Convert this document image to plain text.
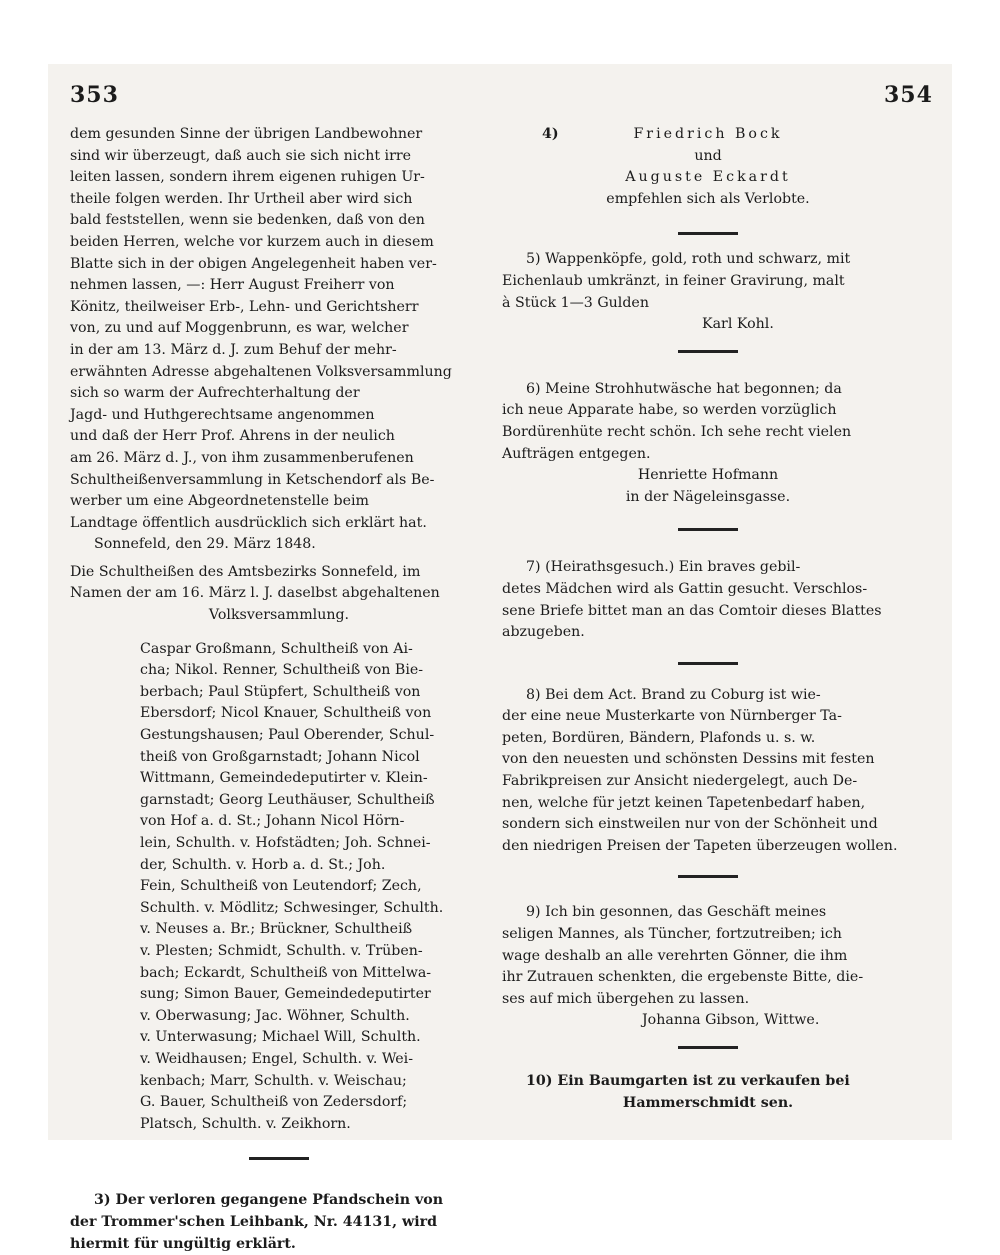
353	354

dem gesunden Sinne der übrigen Landbewohner

sind wir überzeugt, daß auch sie sich nicht irre

leiten lassen, sondern ihrem eigenen ruhigen Ur-

theile folgen werden. Ihr Urtheil aber wird sich

bald feststellen, wenn sie bedenken, daß von den

beiden Herren, welche vor kurzem auch in diesem

Blatte sich in der obigen Angelegenheit haben ver-

nehmen lassen, —: Herr August Freiherr von

Könitz, theilweiser Erb-, Lehn- und Gerichtsherr

von, zu und auf Moggenbrunn, es war, welcher

in der am 13. März d. J. zum Behuf der mehr-

erwähnten Adresse abgehaltenen Volksversammlung

sich so warm der Aufrechterhaltung der

Jagd- und Huthgerechtsame angenommen

und daß der Herr Prof. Ahrens in der neulich

am 26. März d. J., von ihm zusammenberufenen

Schultheißenversammlung in Ketschendorf als Be-

werber um eine Abgeordnetenstelle beim

Landtage öffentlich ausdrücklich sich erklärt hat.

Sonnefeld, den 29. März 1848.

Die Schultheißen des Amtsbezirks Sonnefeld, im

Namen der am 16. März l. J. daselbst abgehaltenen

Volksversammlung.

Caspar Großmann, Schultheiß von Ai-

cha; Nikol. Renner, Schultheiß von Bie-

berbach; Paul Stüpfert, Schultheiß von

Ebersdorf; Nicol Knauer, Schultheiß von

Gestungshausen; Paul Oberender, Schul-

theiß von Großgarnstadt; Johann Nicol

Wittmann, Gemeindedeputirter v. Klein-

garnstadt; Georg Leuthäuser, Schultheiß

von Hof a. d. St.; Johann Nicol Hörn-

lein, Schulth. v. Hofstädten; Joh. Schnei-

der, Schulth. v. Horb a. d. St.; Joh.

Fein, Schultheiß von Leutendorf; Zech,

Schulth. v. Mödlitz; Schwesinger, Schulth.

v. Neuses a. Br.; Brückner, Schultheiß

v. Plesten; Schmidt, Schulth. v. Trüben-

bach; Eckardt, Schultheiß von Mittelwa-

sung; Simon Bauer, Gemeindedeputirter

v. Oberwasung; Jac. Wöhner, Schulth.

v. Unterwasung; Michael Will, Schulth.

v. Weidhausen; Engel, Schulth. v. Wei-

kenbach; Marr, Schulth. v. Weischau;

G. Bauer, Schultheiß von Zedersdorf;

Platsch, Schulth. v. Zeikhorn.

3) Der verloren gegangene Pfandschein von

der Trommer'schen Leihbank, Nr. 44131, wird

hiermit für ungültig erklärt.

4)	Friedrich Bock

und

Auguste Eckardt

empfehlen sich als Verlobte.

5) Wappenköpfe, gold, roth und schwarz, mit

Eichenlaub umkränzt, in feiner Gravirung, malt

à Stück 1—3 Gulden

Karl Kohl.

6) Meine Strohhutwäsche hat begonnen; da

ich neue Apparate habe, so werden vorzüglich

Bordürenhüte recht schön. Ich sehe recht vielen

Aufträgen entgegen.

Henriette Hofmann

in der Nägeleinsgasse.

7) (Heirathsgesuch.) Ein braves gebil-

detes Mädchen wird als Gattin gesucht. Verschlos-

sene Briefe bittet man an das Comtoir dieses Blattes

abzugeben.

8) Bei dem Act. Brand zu Coburg ist wie-

der eine neue Musterkarte von Nürnberger Ta-

peten, Bordüren, Bändern, Plafonds u. s. w.

von den neuesten und schönsten Dessins mit festen

Fabrikpreisen zur Ansicht niedergelegt, auch De-

nen, welche für jetzt keinen Tapetenbedarf haben,

sondern sich einstweilen nur von der Schönheit und

den niedrigen Preisen der Tapeten überzeugen wollen.

9) Ich bin gesonnen, das Geschäft meines

seligen Mannes, als Tüncher, fortzutreiben; ich

wage deshalb an alle verehrten Gönner, die ihm

ihr Zutrauen schenkten, die ergebenste Bitte, die-

ses auf mich übergehen zu lassen.

Johanna Gibson, Wittwe.

10) Ein Baumgarten ist zu verkaufen bei

Hammerschmidt sen.
